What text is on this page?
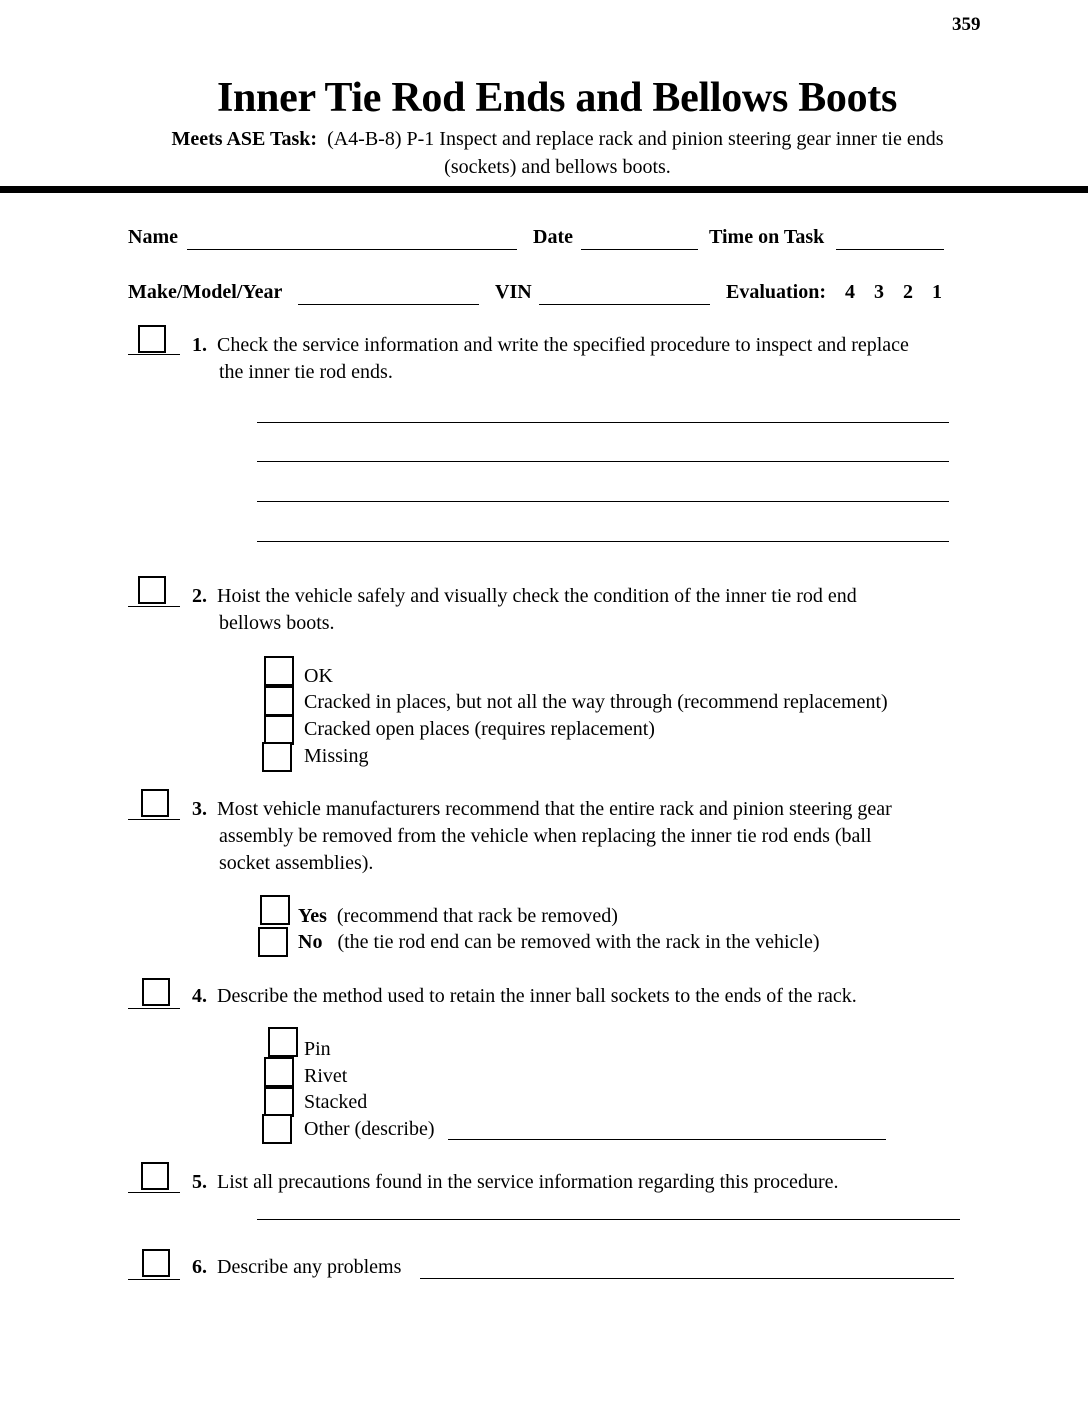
359
Inner Tie Rod Ends and Bellows Boots
Meets ASE Task: (A4-B-8) P-1 Inspect and replace rack and pinion steering gear inner tie ends
(sockets) and bellows boots.
Name	Date	Time on Task
Make/Model/Year	VIN	Evaluation: 4 3 2 1
1. Check the service information and write the specified procedure to inspect and replace
the inner tie rod ends.
2. Hoist the vehicle safely and visually check the condition of the inner tie rod end
bellows boots.
OK
Cracked in places, but not all the way through (recommend replacement)
Cracked open places (requires replacement)
Missing
3. Most vehicle manufacturers recommend that the entire rack and pinion steering gear
assembly be removed from the vehicle when replacing the inner tie rod ends (ball
socket assemblies).
Yes (recommend that rack be removed)
No (the tie rod end can be removed with the rack in the vehicle)
4. Describe the method used to retain the inner ball sockets to the ends of the rack.
Pin
Rivet
Stacked
Other (describe)
5. List all precautions found in the service information regarding this procedure.
6. Describe any problems
